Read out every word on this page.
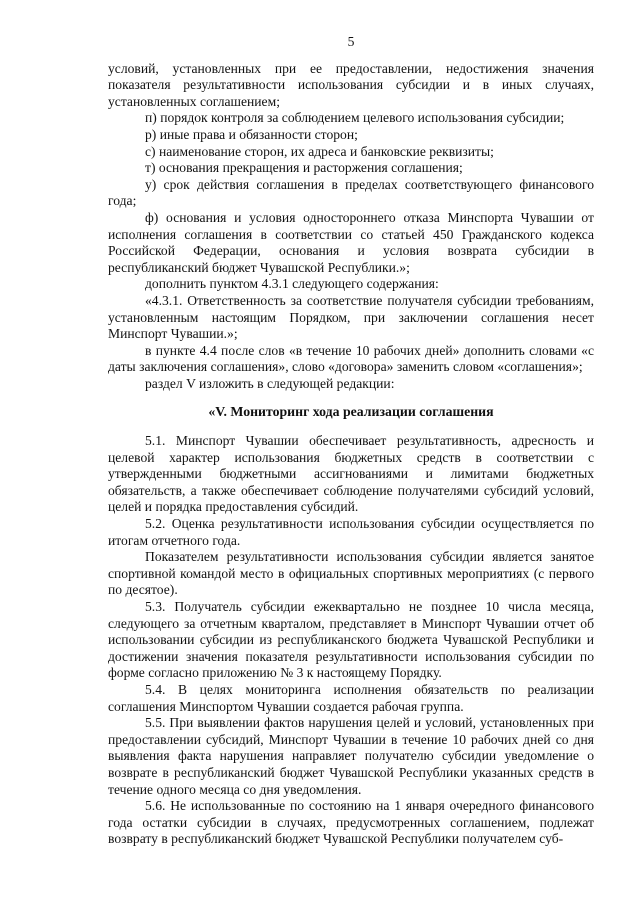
5

условий, установленных при ее предоставлении, недостижения значения показателя результативности использования субсидии и в иных случаях, установленных соглашением;

п) порядок контроля за соблюдением целевого использования субсидии;

р) иные права и обязанности сторон;

с) наименование сторон, их адреса и банковские реквизиты;

т) основания прекращения и расторжения соглашения;

у) срок действия соглашения в пределах соответствующего финансового года;

ф) основания и условия одностороннего отказа Минспорта Чувашии от исполнения соглашения в соответствии со статьей 450 Гражданского кодекса Российской Федерации, основания и условия возврата субсидии в республиканский бюджет Чувашской Республики.»;

дополнить пунктом 4.3.1 следующего содержания:

«4.3.1. Ответственность за соответствие получателя субсидии требованиям, установленным настоящим Порядком, при заключении соглашения несет Минспорт Чувашии.»;

в пункте 4.4 после слов «в течение 10 рабочих дней» дополнить словами «с даты заключения соглашения», слово «договора» заменить словом «соглашения»;

раздел V изложить в следующей редакции:

«V. Мониторинг хода реализации соглашения

5.1. Минспорт Чувашии обеспечивает результативность, адресность и целевой характер использования бюджетных средств в соответствии с утвержденными бюджетными ассигнованиями и лимитами бюджетных обязательств, а также обеспечивает соблюдение получателями субсидий условий, целей и порядка предоставления субсидий.

5.2. Оценка результативности использования субсидии осуществляется по итогам отчетного года.

Показателем результативности использования субсидии является занятое спортивной командой место в официальных спортивных мероприятиях (с первого по десятое).

5.3. Получатель субсидии ежеквартально не позднее 10 числа месяца, следующего за отчетным кварталом, представляет в Минспорт Чувашии отчет об использовании субсидии из республиканского бюджета Чувашской Республики и достижении значения показателя результативности использования субсидии по форме согласно приложению № 3 к настоящему Порядку.

5.4. В целях мониторинга исполнения обязательств по реализации соглашения Минспортом Чувашии создается рабочая группа.

5.5. При выявлении фактов нарушения целей и условий, установленных при предоставлении субсидий, Минспорт Чувашии в течение 10 рабочих дней со дня выявления факта нарушения направляет получателю субсидии уведомление о возврате в республиканский бюджет Чувашской Республики указанных средств в течение одного месяца со дня уведомления.

5.6. Не использованные по состоянию на 1 января очередного финансового года остатки субсидии в случаях, предусмотренных соглашением, подлежат возврату в республиканский бюджет Чувашской Республики получателем суб-
